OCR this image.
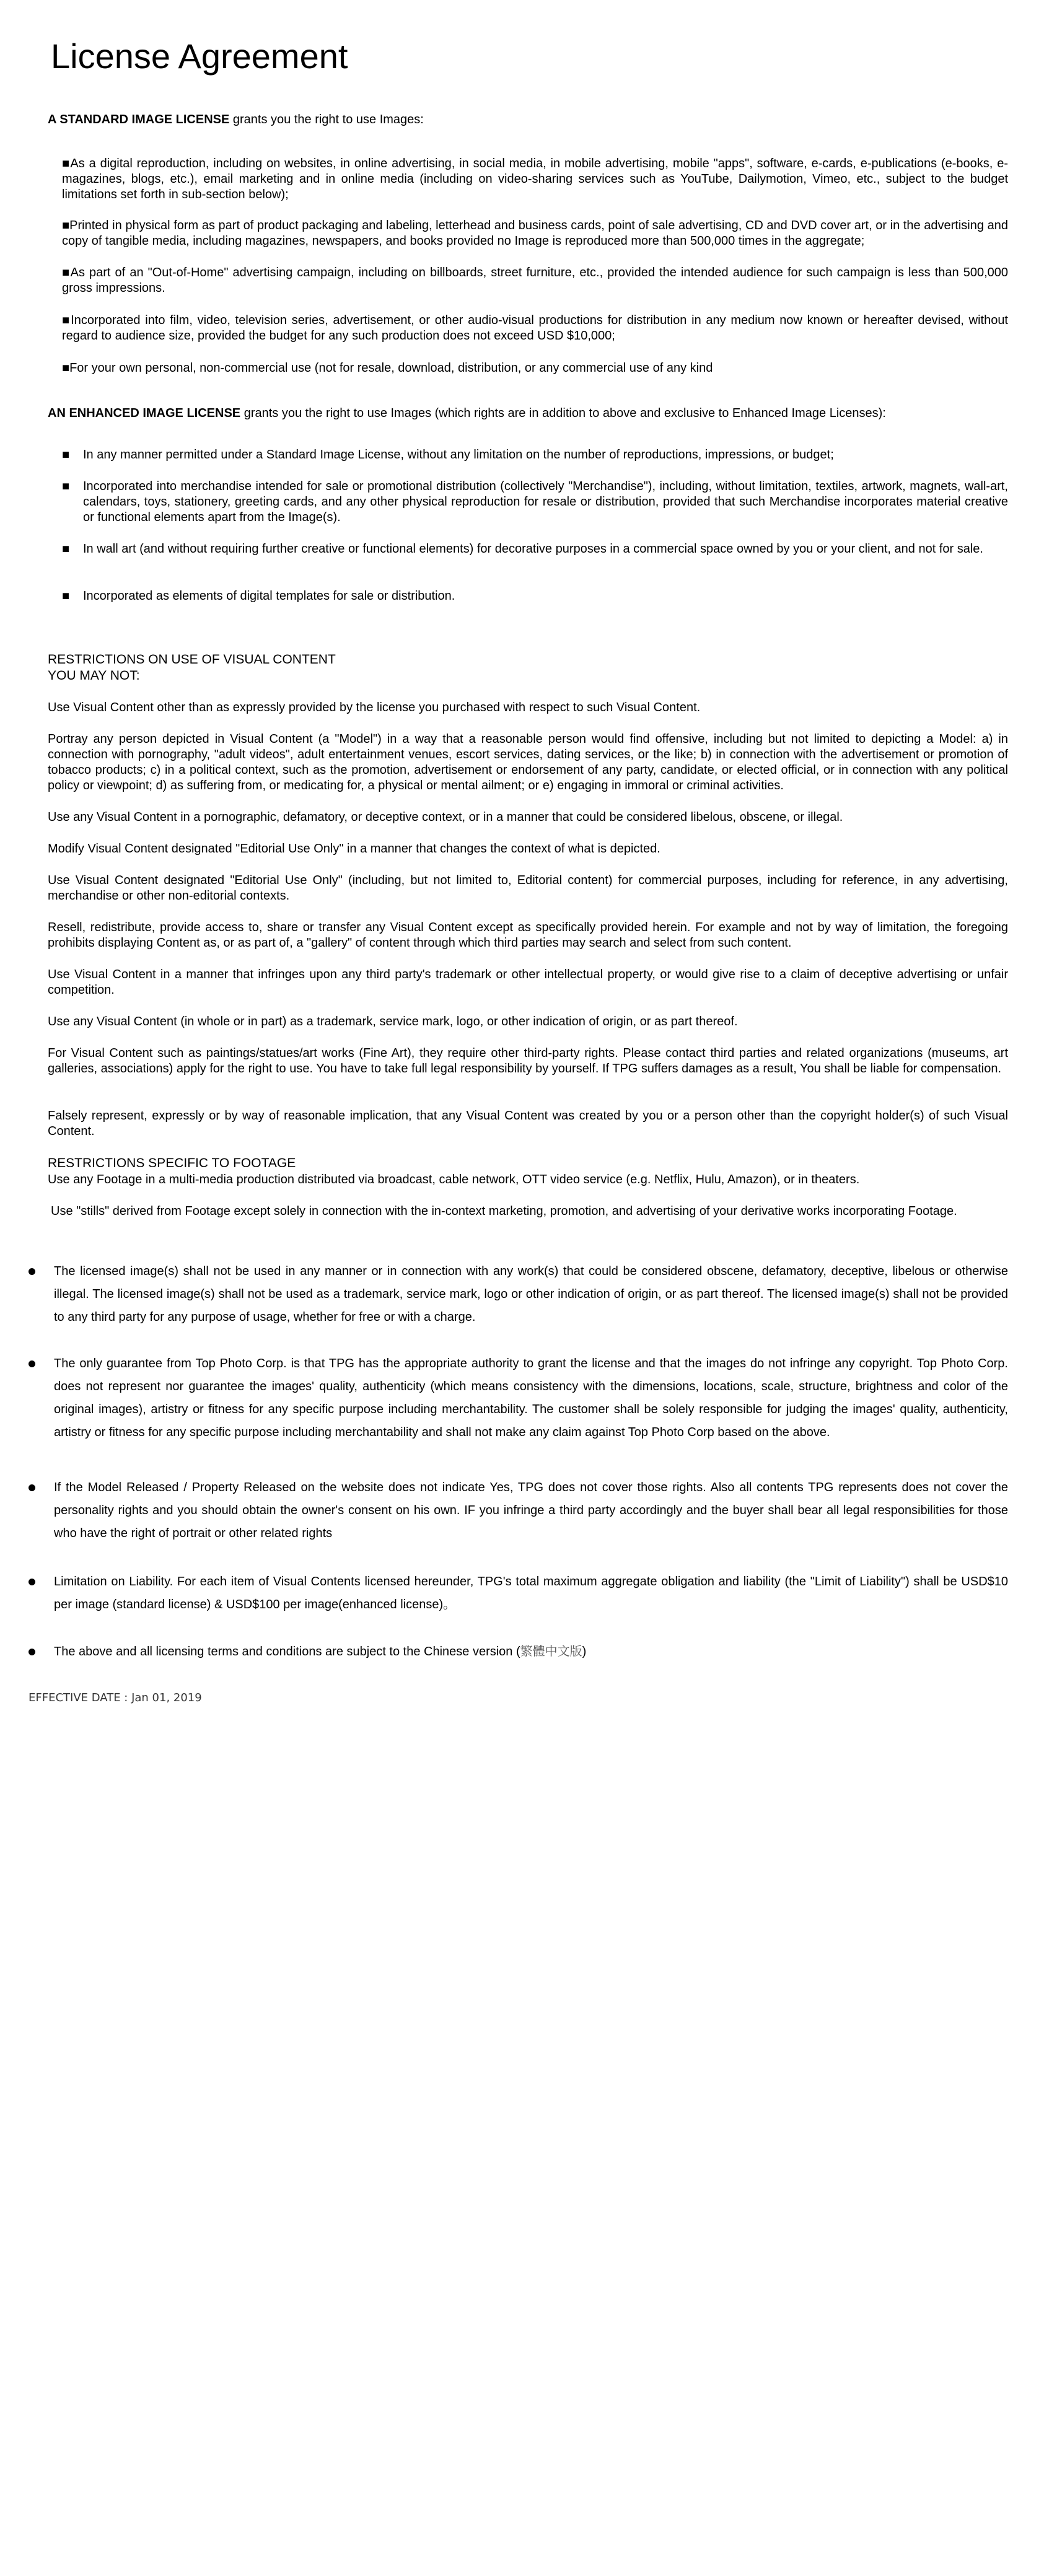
License Agreement
A STANDARD IMAGE LICENSE grants you the right to use Images:
■As a digital reproduction, including on websites, in online advertising, in social media, in mobile advertising, mobile "apps", software, e-cards, e-publications (e-books, e-magazines, blogs, etc.), email marketing and in online media (including on video-sharing services such as YouTube, Dailymotion, Vimeo, etc., subject to the budget limitations set forth in sub-section below);
■Printed in physical form as part of product packaging and labeling, letterhead and business cards, point of sale advertising, CD and DVD cover art, or in the advertising and copy of tangible media, including magazines, newspapers, and books provided no Image is reproduced more than 500,000 times in the aggregate;
■As part of an "Out-of-Home" advertising campaign, including on billboards, street furniture, etc., provided the intended audience for such campaign is less than 500,000 gross impressions.
■Incorporated into film, video, television series, advertisement, or other audio-visual productions for distribution in any medium now known or hereafter devised, without regard to audience size, provided the budget for any such production does not exceed USD $10,000;
■For your own personal, non-commercial use (not for resale, download, distribution, or any commercial use of any kind
AN ENHANCED IMAGE LICENSE grants you the right to use Images (which rights are in addition to above and exclusive to Enhanced Image Licenses):
■ In any manner permitted under a Standard Image License, without any limitation on the number of reproductions, impressions, or budget;
■ Incorporated into merchandise intended for sale or promotional distribution (collectively "Merchandise"), including, without limitation, textiles, artwork, magnets, wall-art, calendars, toys, stationery, greeting cards, and any other physical reproduction for resale or distribution, provided that such Merchandise incorporates material creative or functional elements apart from the Image(s).
■ In wall art (and without requiring further creative or functional elements) for decorative purposes in a commercial space owned by you or your client, and not for sale.
■ Incorporated as elements of digital templates for sale or distribution.
RESTRICTIONS ON USE OF VISUAL CONTENT
YOU MAY NOT:
Use Visual Content other than as expressly provided by the license you purchased with respect to such Visual Content.
Portray any person depicted in Visual Content (a "Model") in a way that a reasonable person would find offensive, including but not limited to depicting a Model: a) in connection with pornography, "adult videos", adult entertainment venues, escort services, dating services, or the like; b) in connection with the advertisement or promotion of tobacco products; c) in a political context, such as the promotion, advertisement or endorsement of any party, candidate, or elected official, or in connection with any political policy or viewpoint; d) as suffering from, or medicating for, a physical or mental ailment; or e) engaging in immoral or criminal activities.
Use any Visual Content in a pornographic, defamatory, or deceptive context, or in a manner that could be considered libelous, obscene, or illegal.
Modify Visual Content designated "Editorial Use Only" in a manner that changes the context of what is depicted.
Use Visual Content designated "Editorial Use Only" (including, but not limited to, Editorial content) for commercial purposes, including for reference, in any advertising, merchandise or other non-editorial contexts.
Resell, redistribute, provide access to, share or transfer any Visual Content except as specifically provided herein. For example and not by way of limitation, the foregoing prohibits displaying Content as, or as part of, a "gallery" of content through which third parties may search and select from such content.
Use Visual Content in a manner that infringes upon any third party's trademark or other intellectual property, or would give rise to a claim of deceptive advertising or unfair competition.
Use any Visual Content (in whole or in part) as a trademark, service mark, logo, or other indication of origin, or as part thereof.
For Visual Content such as paintings/statues/art works (Fine Art), they require other third-party rights. Please contact third parties and related organizations (museums, art galleries, associations) apply for the right to use. You have to take full legal responsibility by yourself. If TPG suffers damages as a result, You shall be liable for compensation.
Falsely represent, expressly or by way of reasonable implication, that any Visual Content was created by you or a person other than the copyright holder(s) of such Visual Content.
RESTRICTIONS SPECIFIC TO FOOTAGE
Use any Footage in a multi-media production distributed via broadcast, cable network, OTT video service (e.g. Netflix, Hulu, Amazon), or in theaters.
Use "stills" derived from Footage except solely in connection with the in-context marketing, promotion, and advertising of your derivative works incorporating Footage.
The licensed image(s) shall not be used in any manner or in connection with any work(s) that could be considered obscene, defamatory, deceptive, libelous or otherwise illegal. The licensed image(s) shall not be used as a trademark, service mark, logo or other indication of origin, or as part thereof. The licensed image(s) shall not be provided to any third party for any purpose of usage, whether for free or with a charge.
The only guarantee from Top Photo Corp. is that TPG has the appropriate authority to grant the license and that the images do not infringe any copyright. Top Photo Corp. does not represent nor guarantee the images' quality, authenticity (which means consistency with the dimensions, locations, scale, structure, brightness and color of the original images), artistry or fitness for any specific purpose including merchantability. The customer shall be solely responsible for judging the images' quality, authenticity, artistry or fitness for any specific purpose including merchantability and shall not make any claim against Top Photo Corp based on the above.
If the Model Released / Property Released on the website does not indicate Yes, TPG does not cover those rights. Also all contents TPG represents does not cover the personality rights and you should obtain the owner's consent on his own. IF you infringe a third party accordingly and the buyer shall bear all legal responsibilities for those who have the right of portrait or other related rights
Limitation on Liability. For each item of Visual Contents licensed hereunder, TPG's total maximum aggregate obligation and liability (the "Limit of Liability") shall be USD$10 per image (standard license) & USD$100 per image(enhanced license)。
The above and all licensing terms and conditions are subject to the Chinese version (繁體中文版)
EFFECTIVE DATE : Jan 01, 2019
